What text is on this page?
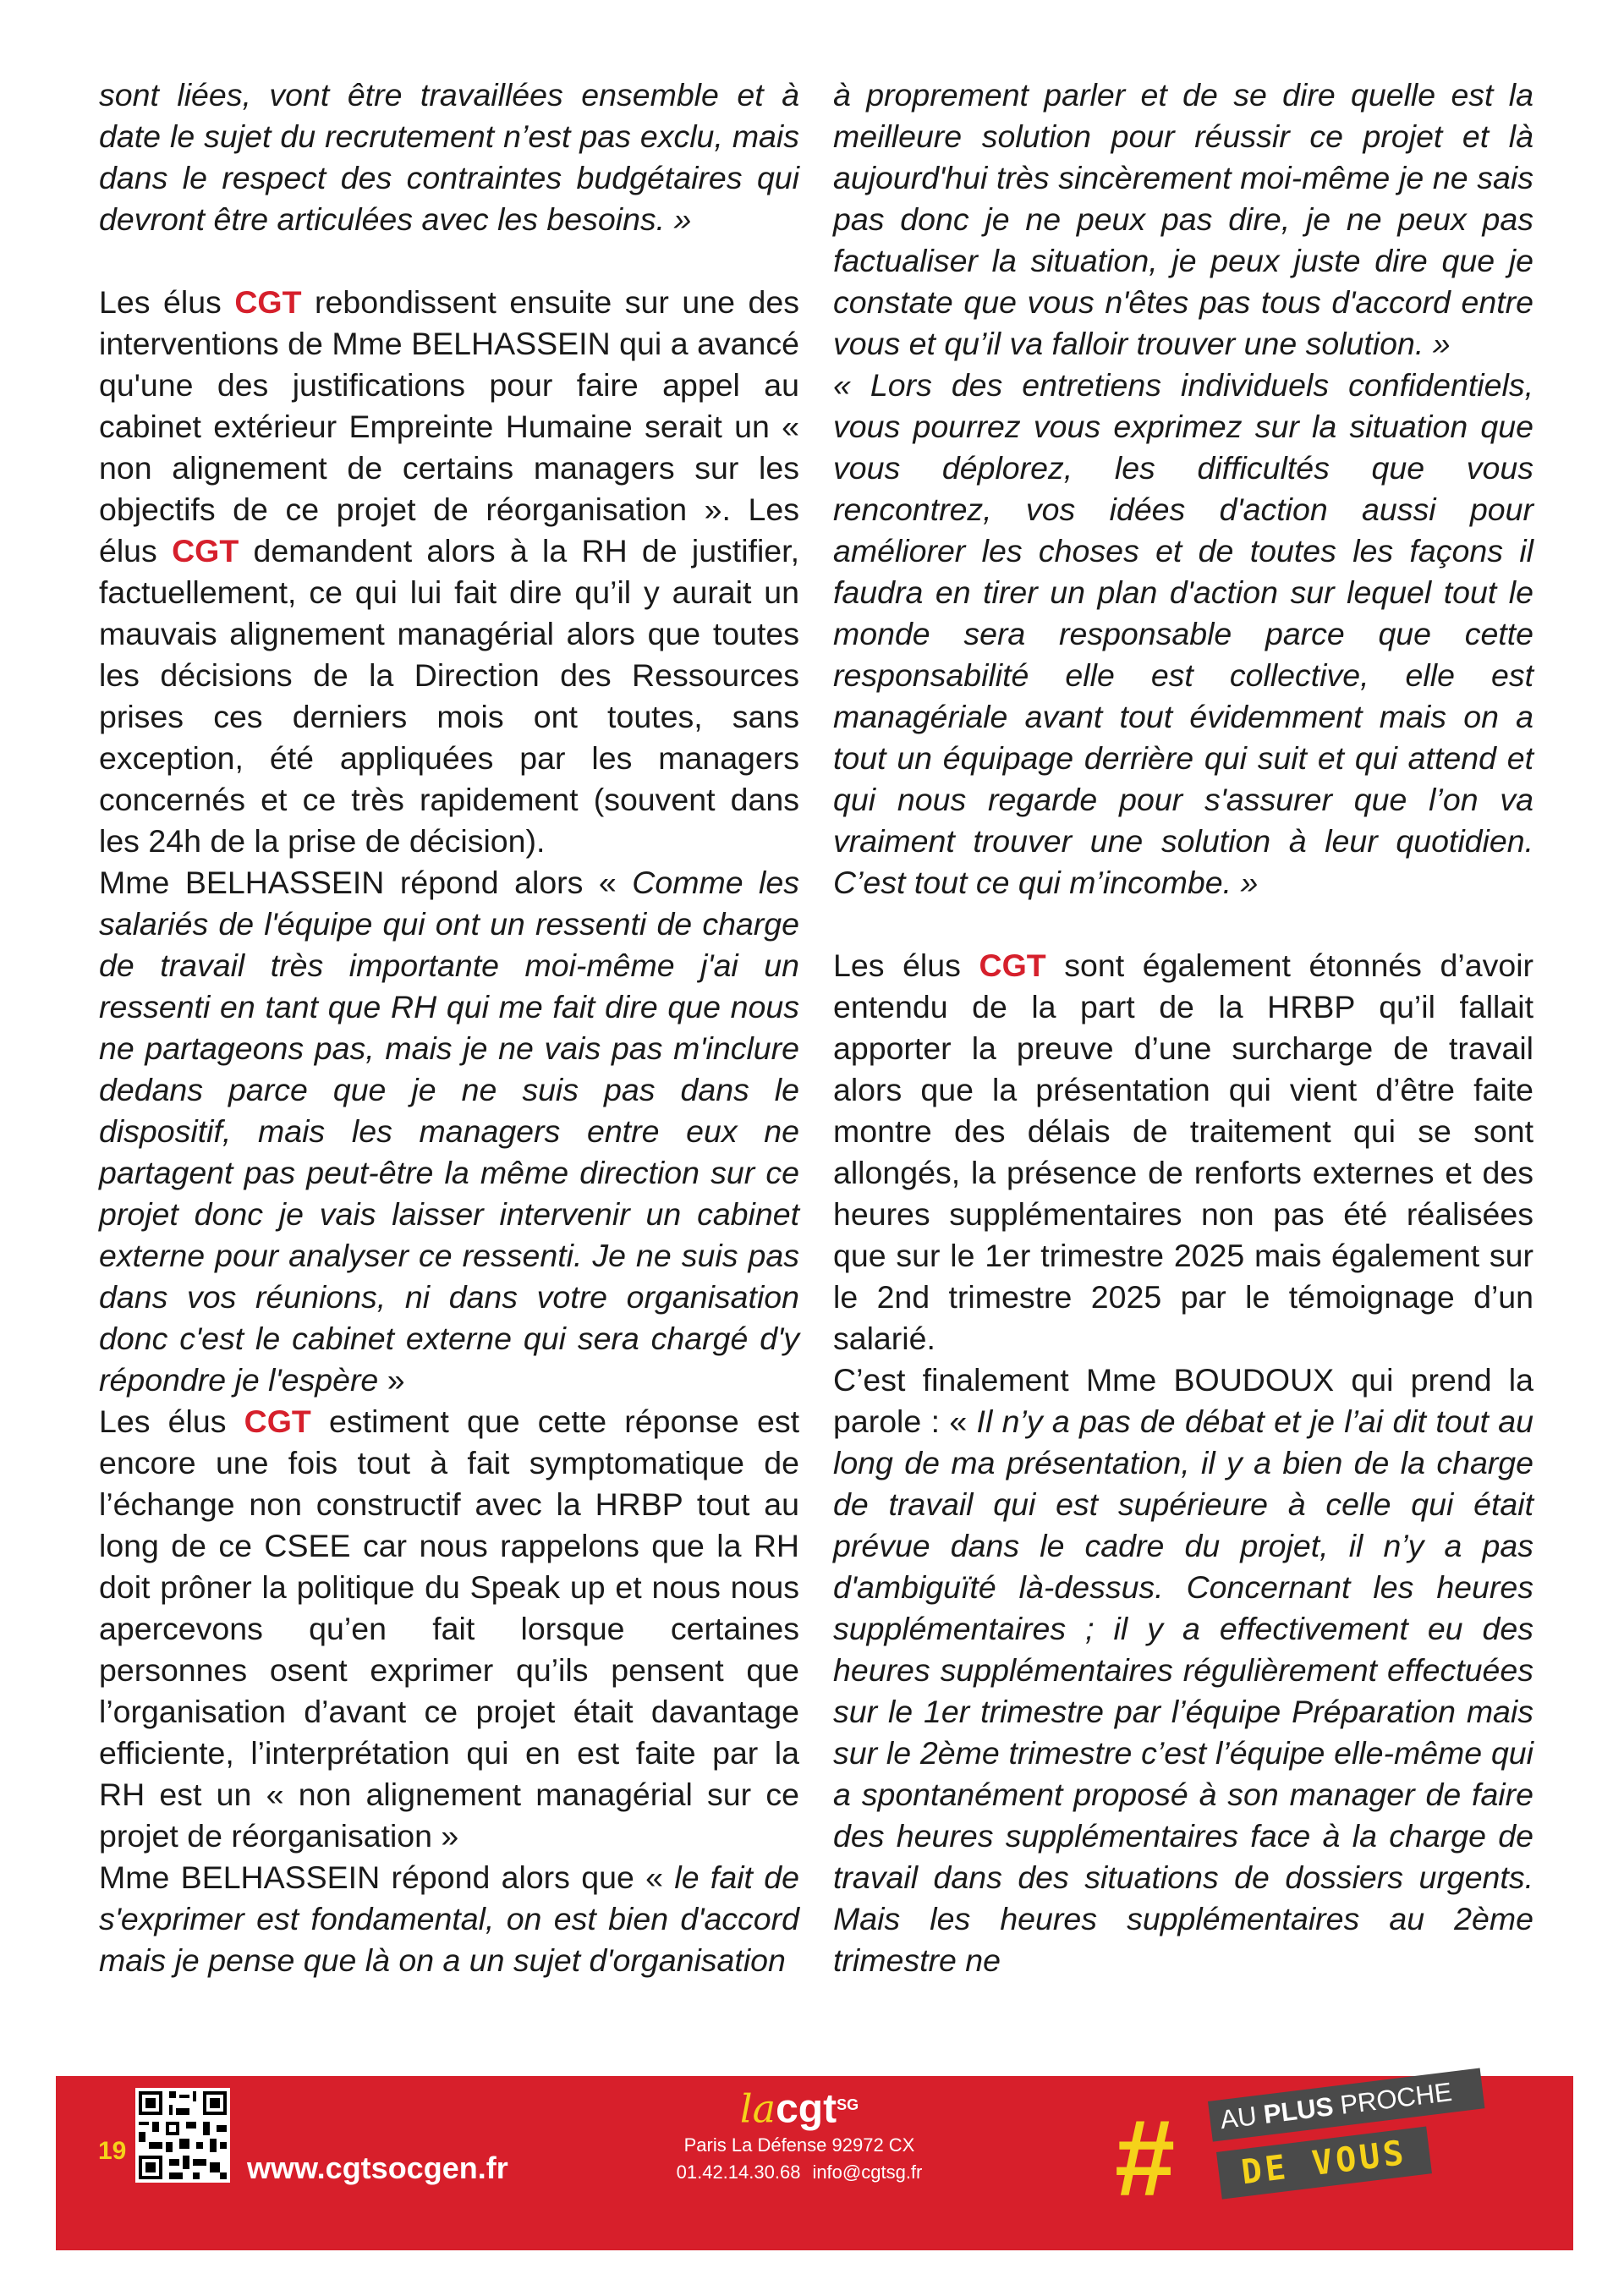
sont liées, vont être travaillées ensemble et à date le sujet du recrutement n’est pas exclu, mais dans le respect des contraintes budgétaires qui devront être articulées avec les besoins. »

Les élus CGT rebondissent ensuite sur une des interventions de Mme BELHASSEIN qui a avancé qu'une des justifications pour faire appel au cabinet extérieur Empreinte Humaine serait un « non alignement de certains managers sur les objectifs de ce projet de réorganisation ». Les élus CGT demandent alors à la RH de justifier, factuellement, ce qui lui fait dire qu’il y aurait un mauvais alignement managérial alors que toutes les décisions de la Direction des Ressources prises ces derniers mois ont toutes, sans exception, été appliquées par les managers concernés et ce très rapidement (souvent dans les 24h de la prise de décision).

Mme BELHASSEIN répond alors « Comme les salariés de l'équipe qui ont un ressenti de charge de travail très importante moi-même j'ai un ressenti en tant que RH qui me fait dire que nous ne partageons pas, mais je ne vais pas m'inclure dedans parce que je ne suis pas dans le dispositif, mais les managers entre eux ne partagent pas peut-être la même direction sur ce projet donc je vais laisser intervenir un cabinet externe pour analyser ce ressenti. Je ne suis pas dans vos réunions, ni dans votre organisation donc c'est le cabinet externe qui sera chargé d'y répondre je l'espère »

Les élus CGT estiment que cette réponse est encore une fois tout à fait symptomatique de l’échange non constructif avec la HRBP tout au long de ce CSEE car nous rappelons que la RH doit prôner la politique du Speak up et nous nous apercevons qu’en fait lorsque certaines personnes osent exprimer qu’ils pensent que l’organisation d’avant ce projet était davantage efficiente, l’interprétation qui en est faite par la RH est un « non alignement managérial sur ce projet de réorganisation »

Mme BELHASSEIN répond alors que « le fait de s'exprimer est fondamental, on est bien d'accord mais je pense que là on a un sujet d'organisation

à proprement parler et de se dire quelle est la meilleure solution pour réussir ce projet et là aujourd'hui très sincèrement moi-même je ne sais pas donc je ne peux pas dire, je ne peux pas factualiser la situation, je peux juste dire que je constate que vous n'êtes pas tous d'accord entre vous et qu’il va falloir trouver une solution. »

« Lors des entretiens individuels confidentiels, vous pourrez vous exprimez sur la situation que vous déplorez, les difficultés que vous rencontrez, vos idées d'action aussi pour améliorer les choses et de toutes les façons il faudra en tirer un plan d'action sur lequel tout le monde sera responsable parce que cette responsabilité elle est collective, elle est managériale avant tout évidemment mais on a tout un équipage derrière qui suit et qui attend et qui nous regarde pour s'assurer que l’on va vraiment trouver une solution à leur quotidien. C’est tout ce qui m’incombe. »

Les élus CGT sont également étonnés d’avoir entendu de la part de la HRBP qu’il fallait apporter la preuve d’une surcharge de travail alors que la présentation qui vient d’être faite montre des délais de traitement qui se sont allongés, la présence de renforts externes et des heures supplémentaires non pas été réalisées que sur le 1er trimestre 2025 mais également sur le 2nd trimestre 2025 par le témoignage d’un salarié.

C’est finalement Mme BOUDOUX qui prend la parole : « Il n’y a pas de débat et je l’ai dit tout au long de ma présentation, il y a bien de la charge de travail qui est supérieure à celle qui était prévue dans le cadre du projet, il n’y a pas d'ambiguïté là-dessus. Concernant les heures supplémentaires ; il y a effectivement eu des heures supplémentaires régulièrement effectuées sur le 1er trimestre par l’équipe Préparation mais sur le 2ème trimestre c’est l’équipe elle-même qui a spontanément proposé à son manager de faire des heures supplémentaires face à la charge de travail dans des situations de dossiers urgents. Mais les heures supplémentaires au 2ème trimestre ne

19	www.cgtsocgen.fr
lacgt$^{SG}$
Paris La Défense 92972 CX
01.42.14.30.68 info@cgtsg.fr #	AU PLUS PROCHE
DE VOUS
